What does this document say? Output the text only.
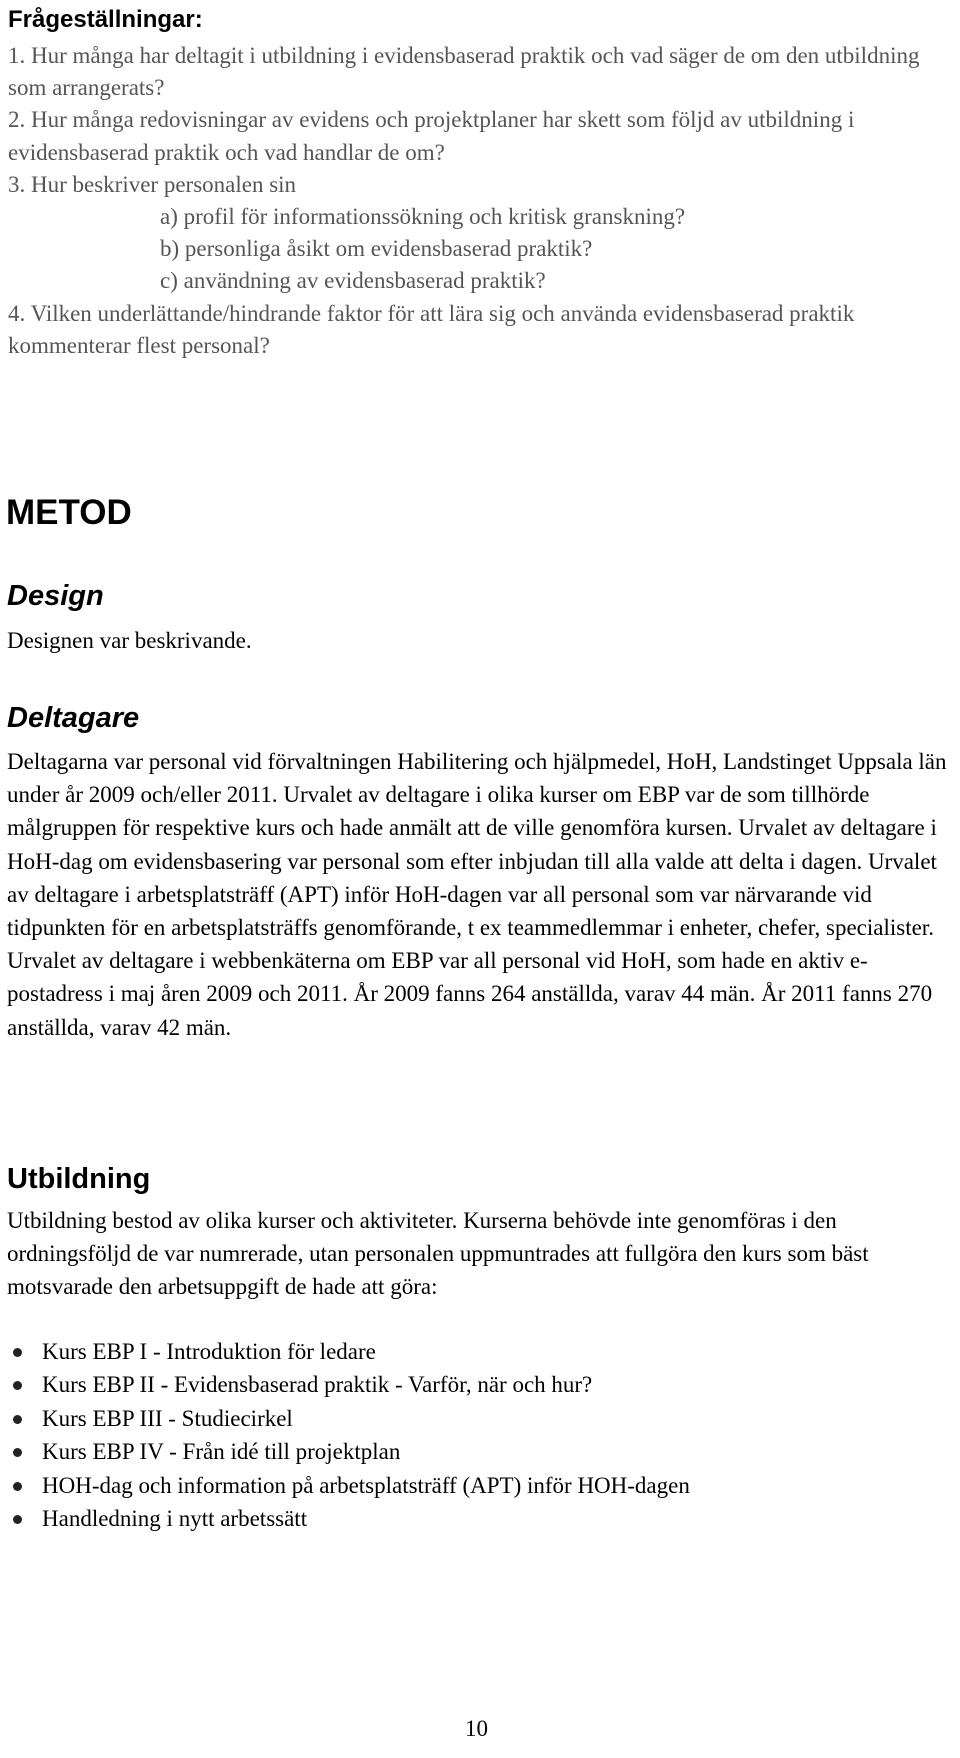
Frågeställningar:

1. Hur många har deltagit i utbildning i evidensbaserad praktik och vad säger de om den utbildning som arrangerats?

2. Hur många redovisningar av evidens och projektplaner har skett som följd av utbildning i evidensbaserad praktik och vad handlar de om?

3. Hur beskriver personalen sin

a) profil för informationssökning och kritisk granskning?

b) personliga åsikt om evidensbaserad praktik?

c) användning av evidensbaserad praktik?

4. Vilken underlättande/hindrande faktor för att lära sig och använda evidensbaserad praktik kommenterar flest personal?

METOD
Design

Designen var beskrivande.

Deltagare

Deltagarna var personal vid förvaltningen Habilitering och hjälpmedel, HoH, Landstinget Uppsala län under år 2009 och/eller 2011. Urvalet av deltagare i olika kurser om EBP var de som tillhörde målgruppen för respektive kurs och hade anmält att de ville genomföra kursen. Urvalet av deltagare i HoH-dag om evidensbasering var personal som efter inbjudan till alla valde att delta i dagen. Urvalet av deltagare i arbetsplatsträff (APT) inför HoH-dagen var all personal som var närvarande vid tidpunkten för en arbetsplatsträffs genomförande, t ex teammedlemmar i enheter, chefer, specialister. Urvalet av deltagare i webbenkäterna om EBP var all personal vid HoH, som hade en aktiv e-postadress i maj åren 2009 och 2011. År 2009 fanns 264 anställda, varav 44 män. År 2011 fanns 270 anställda, varav 42 män.

Utbildning

Utbildning bestod av olika kurser och aktiviteter. Kurserna behövde inte genomföras i den ordningsföljd de var numrerade, utan personalen uppmuntrades att fullgöra den kurs som bäst motsvarade den arbetsuppgift de hade att göra:

Kurs EBP I - Introduktion för ledare
Kurs EBP II - Evidensbaserad praktik - Varför, när och hur?
Kurs EBP III - Studiecirkel
Kurs EBP IV - Från idé till projektplan
HOH-dag och information på arbetsplatsträff (APT) inför HOH-dagen
Handledning i nytt arbetssätt
10
